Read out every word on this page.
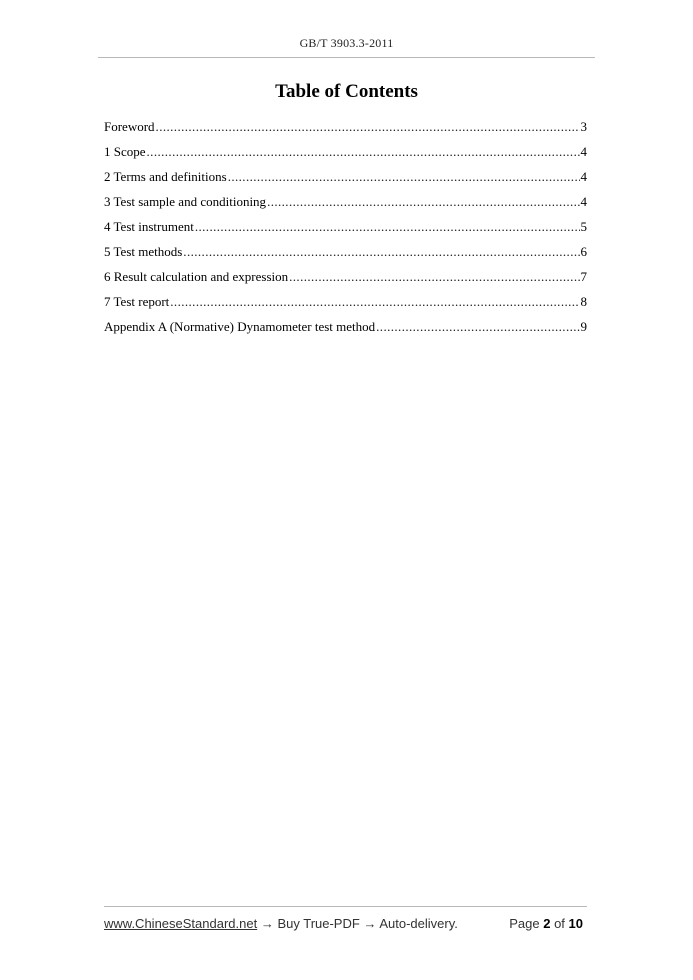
GB/T 3903.3-2011
Table of Contents
Foreword .....	3
1 Scope .....	4
2 Terms and definitions .....	4
3 Test sample and conditioning .....	4
4 Test instrument .....	5
5 Test methods .....	6
6 Result calculation and expression .....	7
7 Test report .....	8
Appendix A (Normative) Dynamometer test method .....	9
www.ChineseStandard.net → Buy True-PDF → Auto-delivery.	Page 2 of 10
